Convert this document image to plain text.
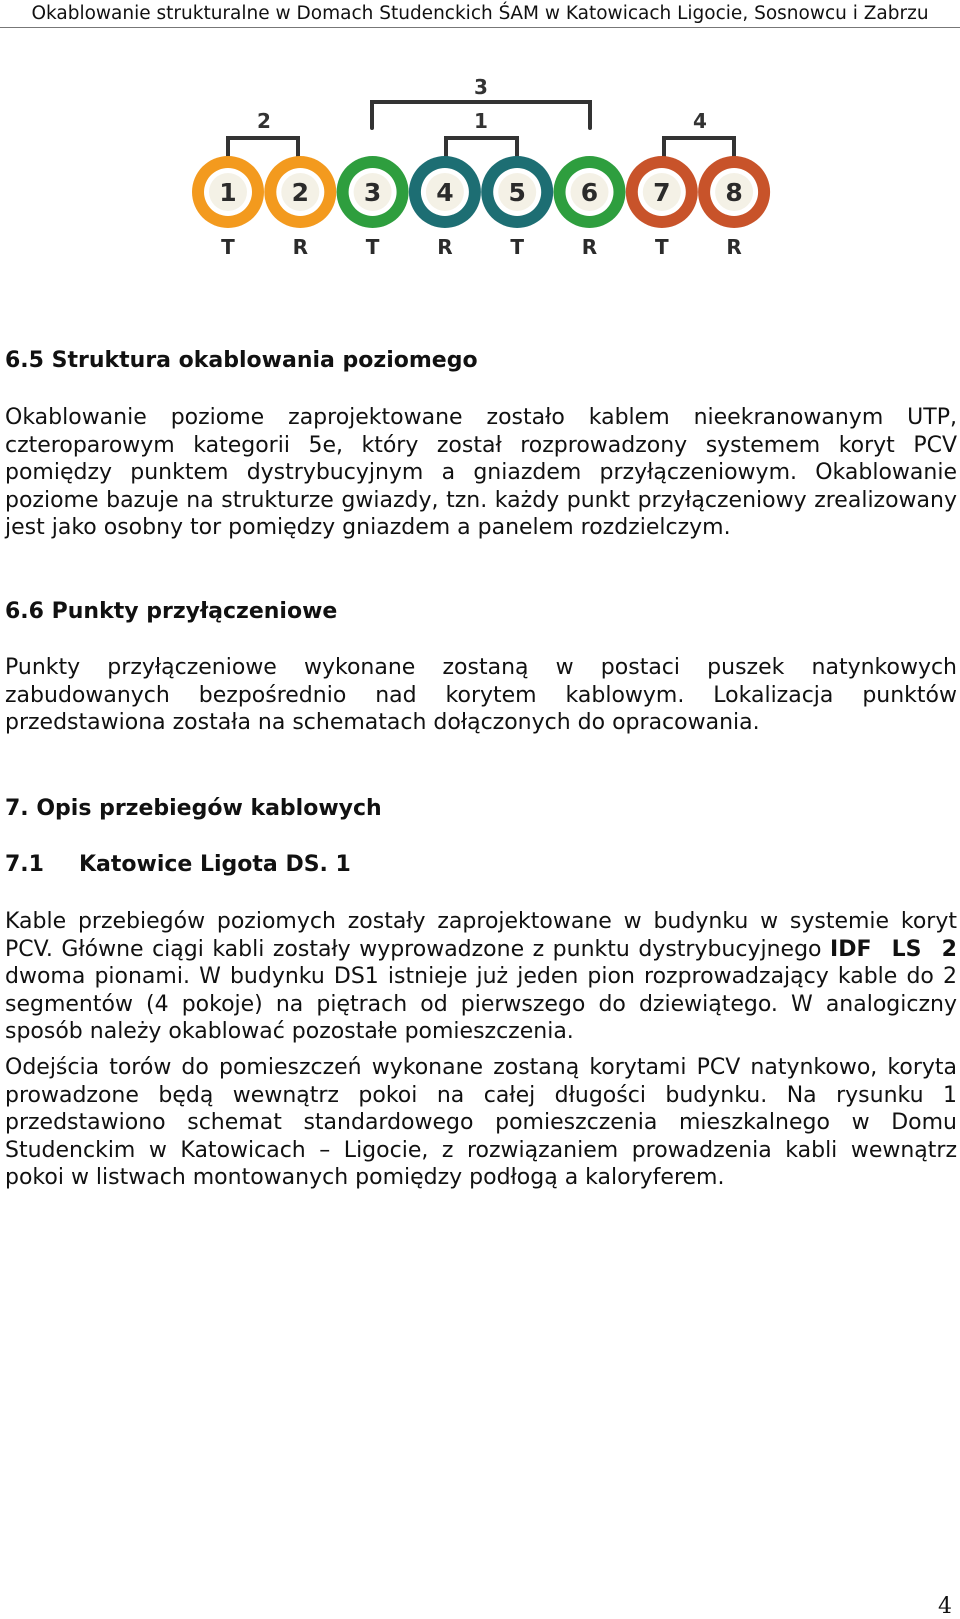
Okablowanie strukturalne w Domach Studenckich ŚAM w Katowicach Ligocie, Sosnowcu i Zabrzu
3
2	1	4
1
T
2
R
3
T
4
R
5
T
6
R
7
T
8
R
6.5 Struktura okablowania poziomego

Okablowanie poziome zaprojektowane zostało kablem nieekranowanym UTP, czteroparowym kategorii 5e, który został rozprowadzony systemem koryt PCV pomiędzy punktem dystrybucyjnym a gniazdem przyłączeniowym. Okablowanie poziome bazuje na strukturze gwiazdy, tzn. każdy punkt przyłączeniowy zrealizowany jest jako osobny tor pomiędzy gniazdem a panelem rozdzielczym.

6.6 Punkty przyłączeniowe

Punkty przyłączeniowe wykonane zostaną w postaci puszek natynkowych zabudowanych bezpośrednio nad korytem kablowym. Lokalizacja punktów przedstawiona została na schematach dołączonych do opracowania.

7. Opis przebiegów kablowych
7.1 Katowice Ligota DS. 1

Kable przebiegów poziomych zostały zaprojektowane w budynku w systemie koryt PCV. Główne ciągi kabli zostały wyprowadzone z punktu dystrybucyjnego IDF LS 2 dwoma pionami. W budynku DS1 istnieje już jeden pion rozprowadzający kable do 2 segmentów (4 pokoje) na piętrach od pierwszego do dziewiątego. W analogiczny sposób należy okablować pozostałe pomieszczenia.

Odejścia torów do pomieszczeń wykonane zostaną korytami PCV natynkowo, koryta prowadzone będą wewnątrz pokoi na całej długości budynku. Na rysunku 1 przedstawiono schemat standardowego pomieszczenia mieszkalnego w Domu Studenckim w Katowicach – Ligocie, z rozwiązaniem prowadzenia kabli wewnątrz pokoi w listwach montowanych pomiędzy podłogą a kaloryferem.

4
